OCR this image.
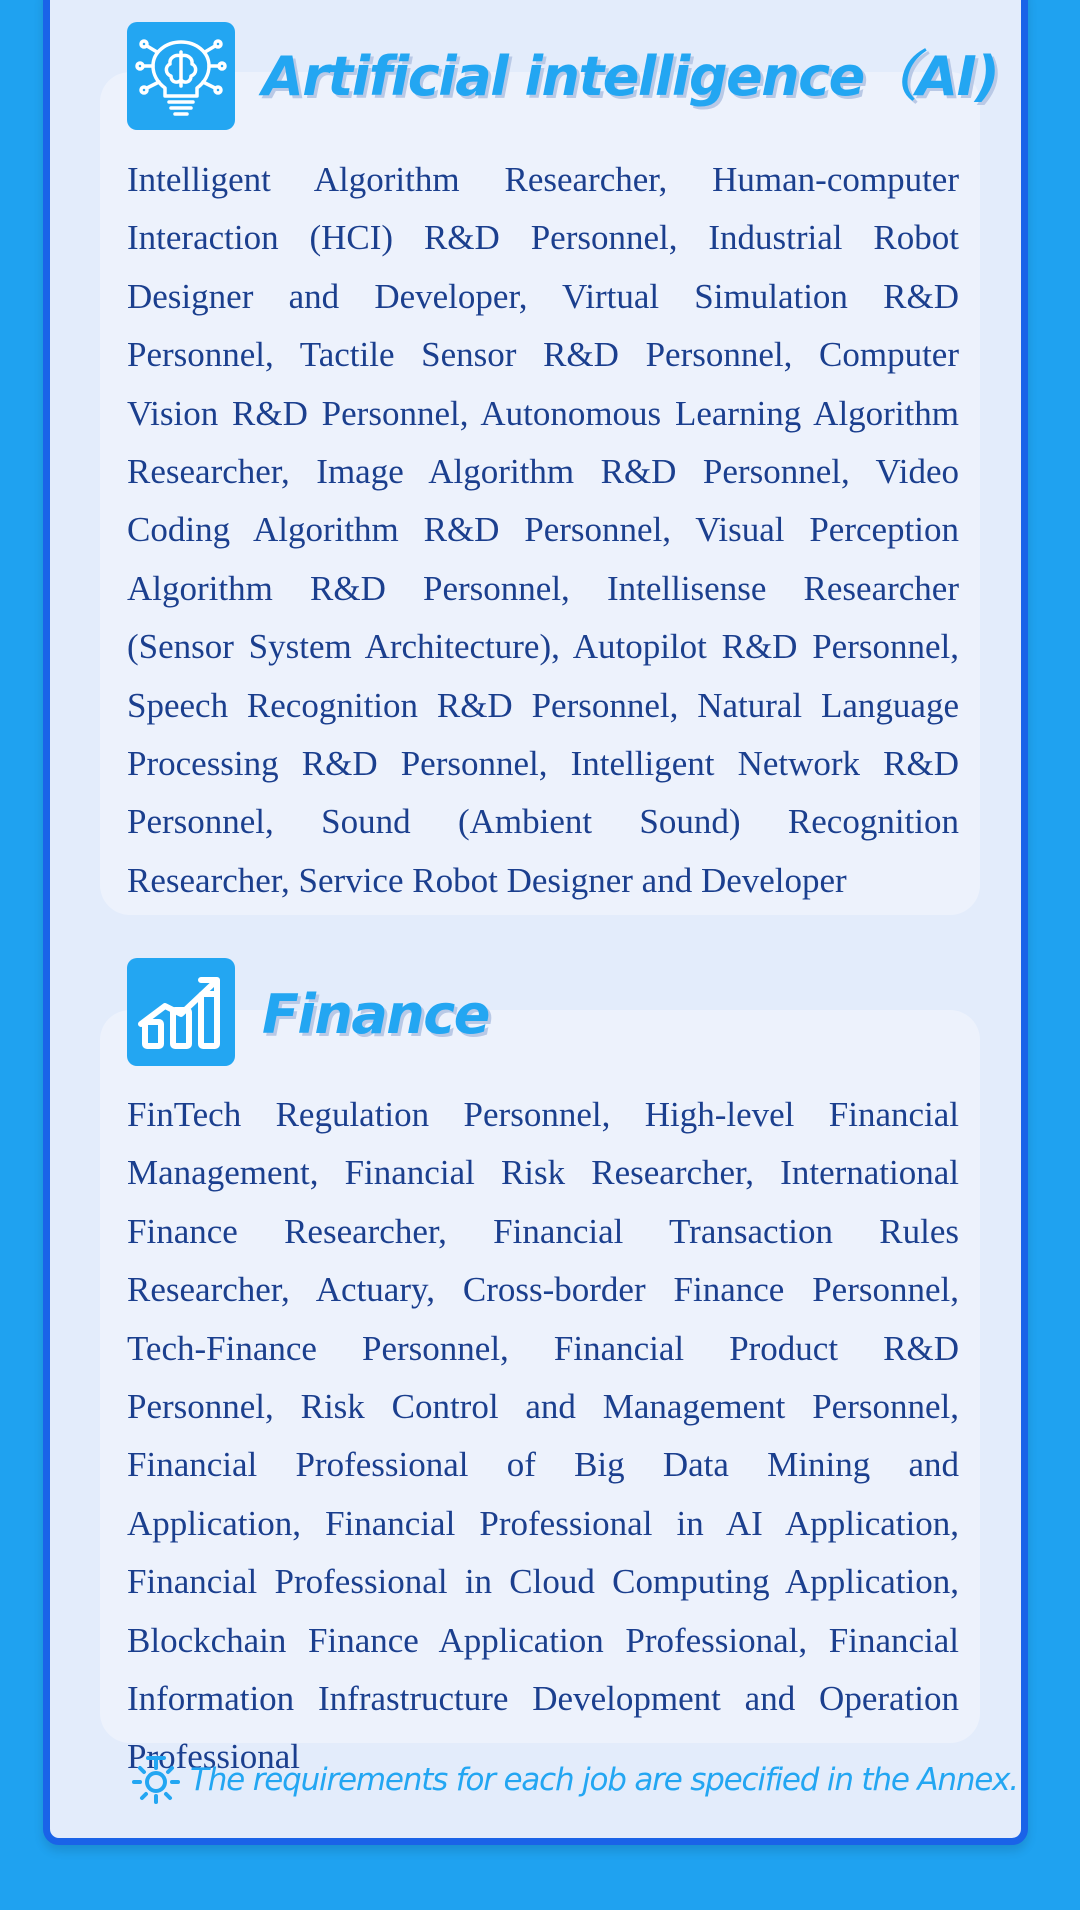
Artificial intelligence（AI)

Intelligent Algorithm Researcher, Human-computer Interaction (HCI) R&D Personnel, Industrial Robot Designer and Developer, Virtual Simulation R&D Personnel, Tactile Sensor R&D Personnel, Computer Vision R&D Personnel, Autonomous Learning Algorithm Researcher, Image Algorithm R&D Personnel, Video Coding Algorithm R&D Personnel, Visual Perception Algorithm R&D Personnel, Intellisense Researcher (Sensor System Architecture), Autopilot R&D Personnel, Speech Recognition R&D Personnel, Natural Language Processing R&D Personnel, Intelligent Network R&D Personnel, Sound (Ambient Sound) Recognition Researcher, Service Robot Designer and Developer

Finance

FinTech Regulation Personnel, High-level Financial Management, Financial Risk Researcher, International Finance Researcher, Financial Transaction Rules Researcher, Actuary, Cross-border Finance Personnel, Tech-Finance Personnel, Financial Product R&D Personnel, Risk Control and Management Personnel, Financial Professional of Big Data Mining and Application, Financial Professional in AI Application, Financial Professional in Cloud Computing Application, Blockchain Finance Application Professional, Financial Information Infrastructure Development and Operation Professional

The requirements for each job are specified in the Annex.
